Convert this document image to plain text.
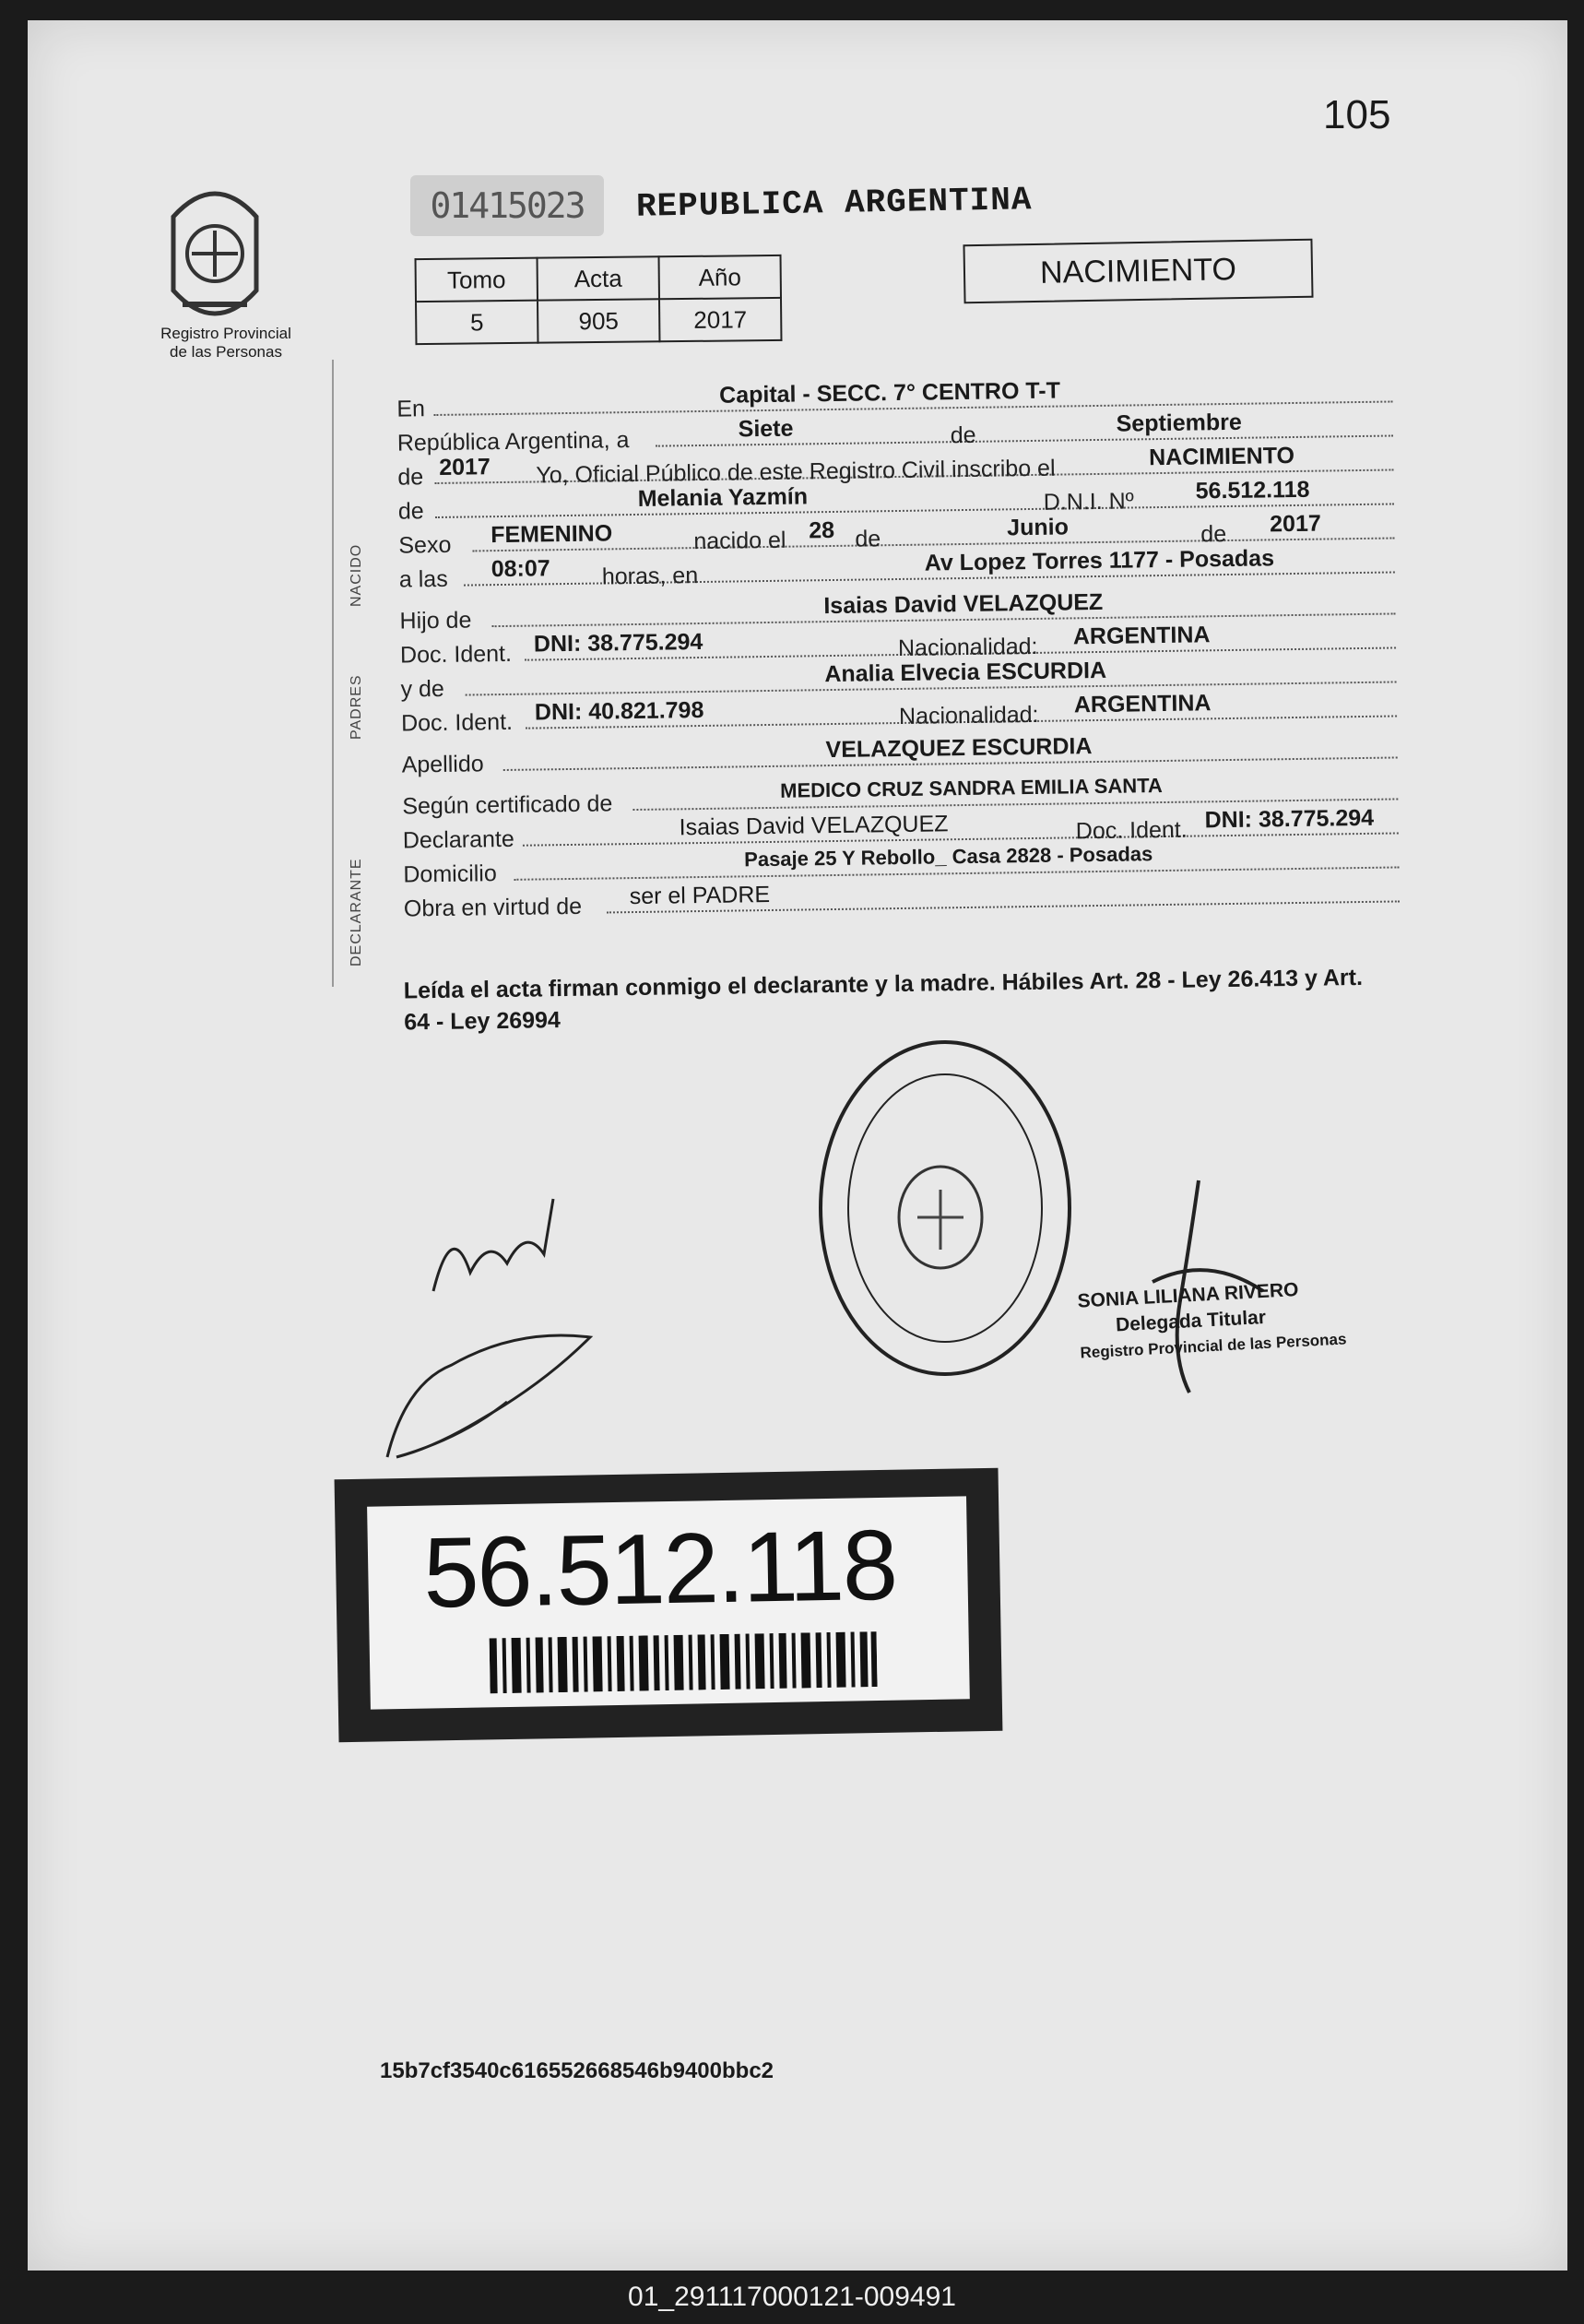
105
Registro Provincial
de las Personas
01415023	REPUBLICA ARGENTINA
Tomo	Acta	Año
5	905	2017
NACIMIENTO
NACIDO
PADRES
DECLARANTE
En
Capital - SECC. 7° CENTRO T-T
República Argentina, a	Siete	de	Septiembre
de 2017 Yo, Oficial Público de este Registro Civil inscribo el	NACIMIENTO
de	Melania Yazmín	D.N.I. Nº	56.512.118
Sexo FEMENINO	nacido el 28 de	Junio	de 2017
a las 08:07 horas, en
Av Lopez Torres 1177 - Posadas
Hijo de
Isaias David VELAZQUEZ
Doc. Ident. DNI: 38.775.294	Nacionalidad: ARGENTINA
y de
Analia Elvecia ESCURDIA
Doc. Ident. DNI: 40.821.798	Nacionalidad: ARGENTINA
Apellido
VELAZQUEZ ESCURDIA
Según certificado de
MEDICO CRUZ SANDRA EMILIA SANTA
Declarante	Isaias David VELAZQUEZ	Doc. Ident. DNI: 38.775.294
Domicilio
Pasaje 25 Y Rebollo_ Casa 2828 - Posadas
Obra en virtud de ser el PADRE
Leída el acta firman conmigo el declarante y la madre. Hábiles Art. 28 - Ley 26.413 y Art. 64 - Ley 26994
SONIA LILIANA RIVERO
Delegada Titular
Registro Provincial de las Personas
56.512.118
15b7cf3540c616552668546b9400bbc2
01_291117000121-009491
